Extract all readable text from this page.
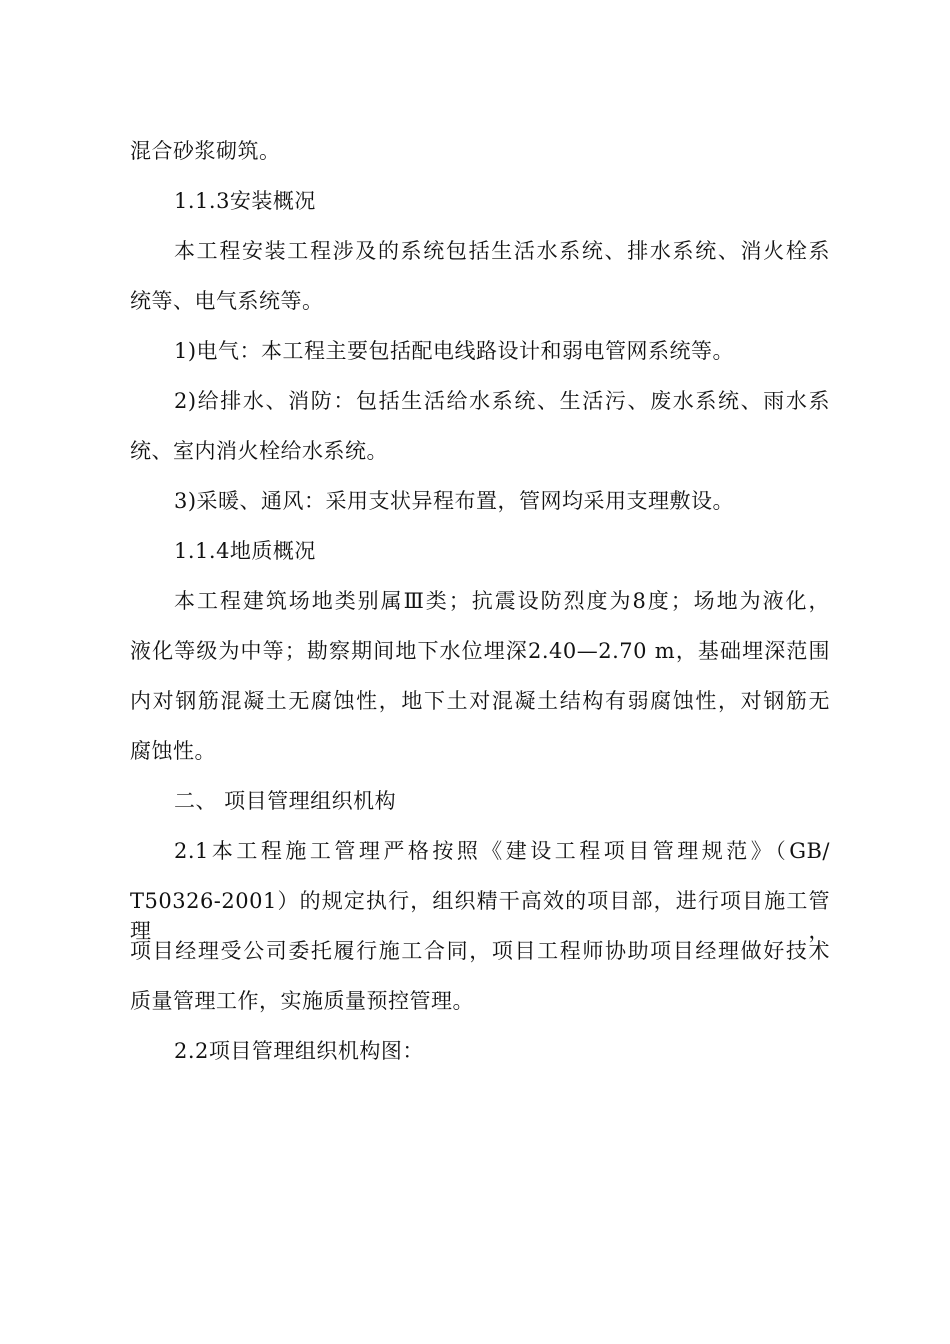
混合砂浆砌筑。
1.1.3安装概况
本工程安装工程涉及的系统包括生活水系统、排水系统、消火栓系
统等、电气系统等。
1)电气：本工程主要包括配电线路设计和弱电管网系统等。
2)给排水、消防：包括生活给水系统、生活污、废水系统、雨水系
统、室内消火栓给水系统。
3)采暖、通风：采用支状异程布置，管网均采用支理敷设。
1.1.4地质概况
本工程建筑场地类别属Ⅲ类；抗震设防烈度为8度；场地为液化，
液化等级为中等；勘察期间地下水位埋深2.40—2.70 m，基础埋深范围
内对钢筋混凝土无腐蚀性，地下土对混凝土结构有弱腐蚀性，对钢筋无
腐蚀性。
二、 项目管理组织机构
2.1本工程施工管理严格按照《建设工程项目管理规范》（GB/
T50326-2001）的规定执行，组织精干高效的项目部，进行项目施工管理，
项目经理受公司委托履行施工合同，项目工程师协助项目经理做好技术
质量管理工作，实施质量预控管理。
2.2项目管理组织机构图：
